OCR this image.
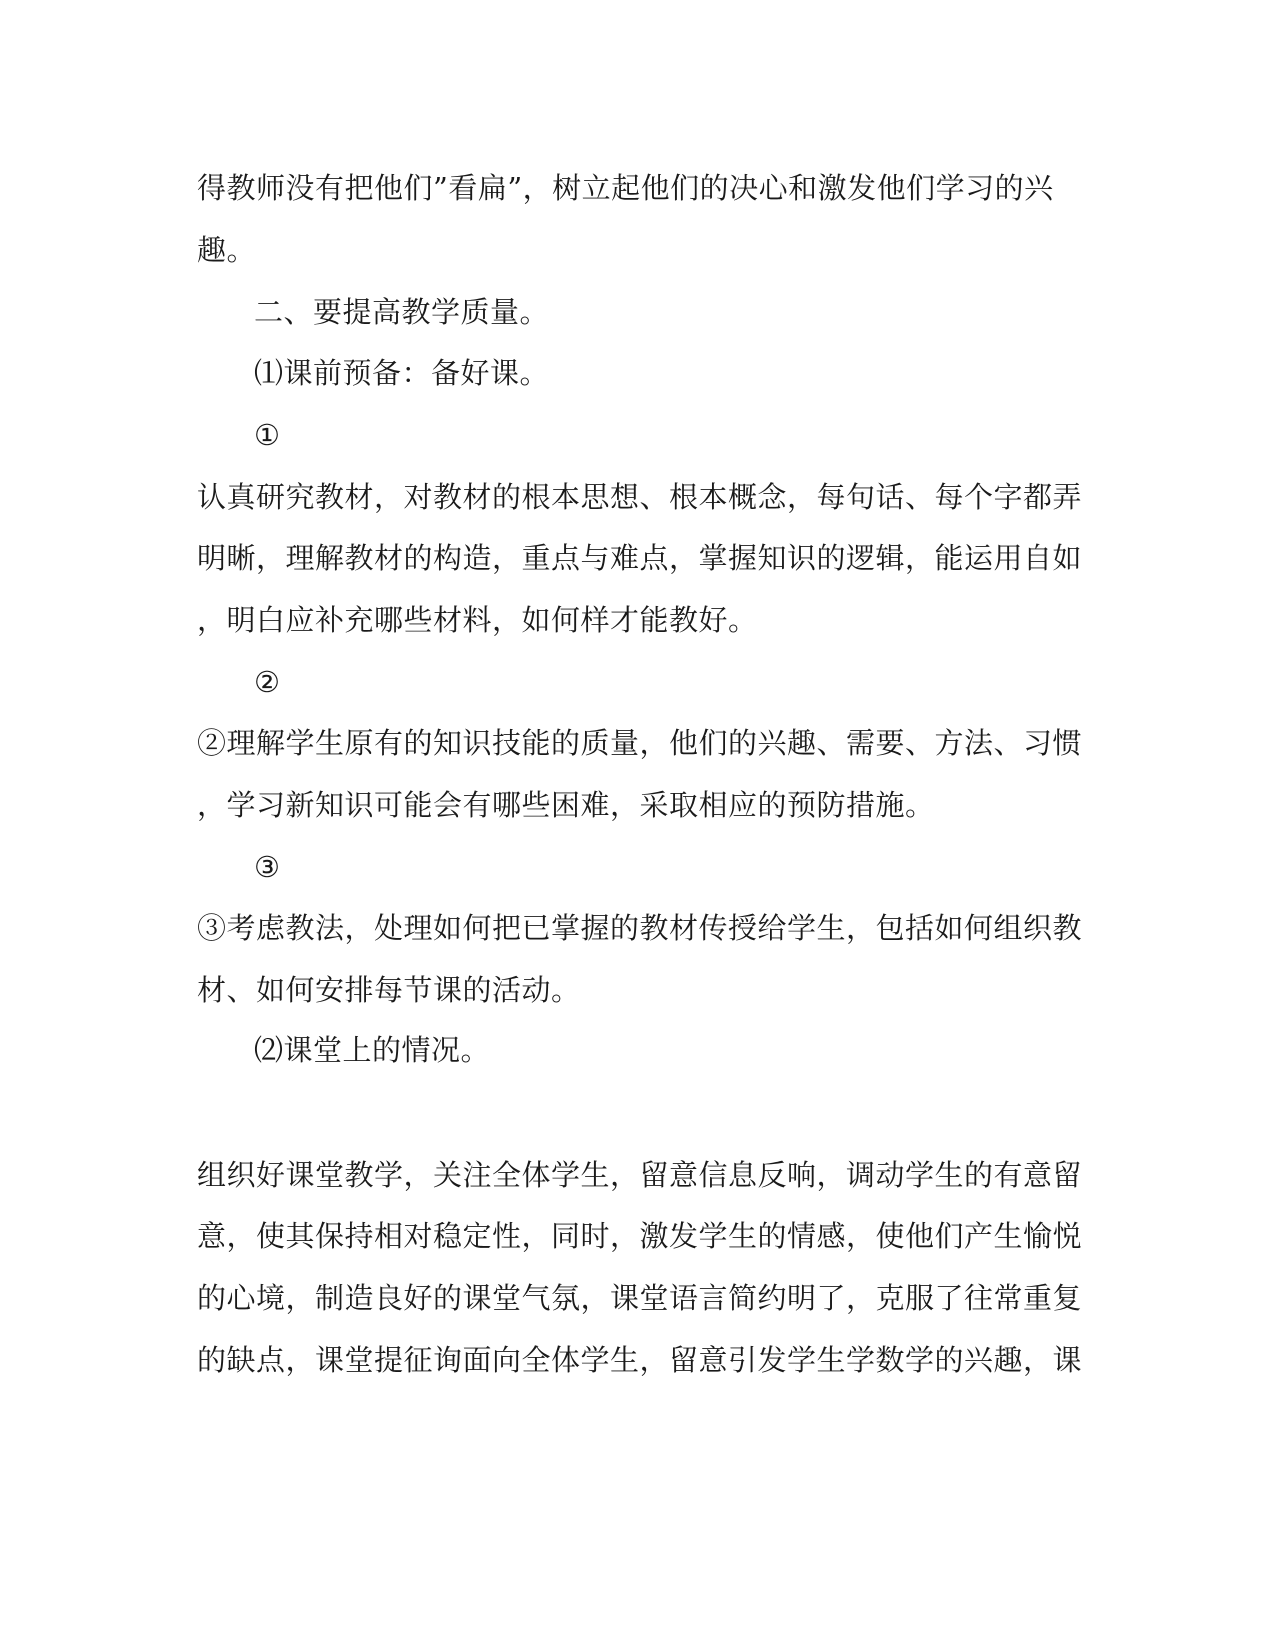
得教师没有把他们”看扁”，树立起他们的决心和激发他们学习的兴
趣。
二、要提高教学质量。
⑴课前预备：备好课。
①
认真研究教材，对教材的根本思想、根本概念，每句话、每个字都弄
明晰，理解教材的构造，重点与难点，掌握知识的逻辑，能运用自如
，明白应补充哪些材料，如何样才能教好。
②
②理解学生原有的知识技能的质量，他们的兴趣、需要、方法、习惯
，学习新知识可能会有哪些困难，采取相应的预防措施。
③
③考虑教法，处理如何把已掌握的教材传授给学生，包括如何组织教
材、如何安排每节课的活动。
⑵课堂上的情况。
组织好课堂教学，关注全体学生，留意信息反响，调动学生的有意留
意，使其保持相对稳定性，同时，激发学生的情感，使他们产生愉悦
的心境，制造良好的课堂气氛，课堂语言简约明了，克服了往常重复
的缺点，课堂提征询面向全体学生，留意引发学生学数学的兴趣，课
